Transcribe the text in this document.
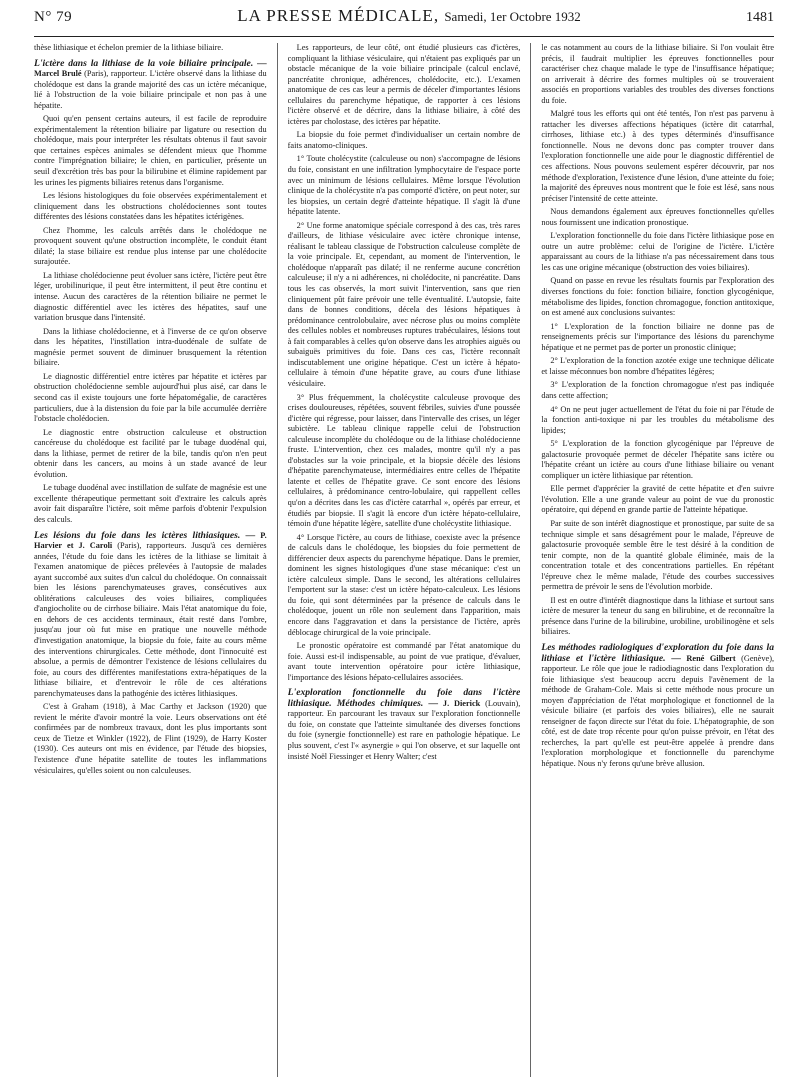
N° 79	LA PRESSE MÉDICALE, Samedi, 1er Octobre 1932	1481

thèse lithiasique et échelon premier de la lithiase biliaire.

L'ictère dans la lithiase de la voie biliaire principale. — Marcel Brulé (Paris), rapporteur. L'ictère observé dans la lithiase du cholédoque est dans la grande majorité des cas un ictère mécanique, lié à l'obstruction de la voie biliaire principale et non pas à une hépatite.

Quoi qu'en pensent certains auteurs, il est facile de reproduire expérimentalement la rétention biliaire par ligature ou resection du cholédoque, mais pour interpréter les résultats obtenus il faut savoir que certaines espèces animales se défendent mieux que l'homme contre l'imprégnation biliaire; le chien, en particulier, présente un seuil d'excrétion très bas pour la bilirubine et élimine rapidement par les urines les pigments biliaires retenus dans l'organisme.

Les lésions histologiques du foie observées expérimentalement et cliniquement dans les obstructions cholédociennes sont toutes différentes des lésions constatées dans les hépatites ictérigènes.

Chez l'homme, les calculs arrêtés dans le cholédoque ne provoquent souvent qu'une obstruction incomplète, le conduit étant dilaté; la stase biliaire est rendue plus intense par une cholédocite surajoutée.

La lithiase cholédocienne peut évoluer sans ictère, l'ictère peut être léger, urobilinurique, il peut être intermittent, il peut être continu et intense. Aucun des caractères de la rétention biliaire ne permet le diagnostic différentiel avec les ictères des hépatites, sauf une variation brusque dans l'intensité.

Dans la lithiase cholédocienne, et à l'inverse de ce qu'on observe dans les hépatites, l'instillation intra-duodénale de sulfate de magnésie permet souvent de diminuer brusquement la rétention biliaire.

Le diagnostic différentiel entre ictères par hépatite et ictères par obstruction cholédocienne semble aujourd'hui plus aisé, car dans le second cas il existe toujours une forte hépatomégalie, de caractères particuliers, due à la distension du foie par la bile accumulée derrière l'obstacle cholédocien.

Le diagnostic entre obstruction calculeuse et obstruction cancéreuse du cholédoque est facilité par le tubage duodénal qui, dans la lithiase, permet de retirer de la bile, tandis qu'on n'en peut obtenir dans les cancers, au moins à un stade avancé de leur évolution.

Le tubage duodénal avec instillation de sulfate de magnésie est une excellente thérapeutique permettant soit d'extraire les calculs après avoir fait disparaître l'ictère, soit même parfois d'obtenir l'expulsion des calculs.

Les lésions du foie dans les ictères lithiasiques. — P. Harvier et J. Caroli (Paris), rapporteurs. Jusqu'à ces dernières années, l'étude du foie dans les ictères de la lithiase se limitait à l'examen anatomique de pièces prélevées à l'autopsie de malades ayant succombé aux suites d'un calcul du cholédoque. On connaissait bien les lésions parenchymateuses graves, consécutives aux oblitérations calculeuses des voies biliaires, compliquées d'angiocholite ou de cirrhose biliaire. Mais l'état anatomique du foie, en dehors de ces accidents terminaux, était resté dans l'ombre, jusqu'au jour où fut mise en pratique une nouvelle méthode d'investigation anatomique, la biopsie du foie, faite au cours même des interventions chirurgicales. Cette méthode, dont l'innocuité est absolue, a permis de démontrer l'existence de lésions cellulaires du foie, au cours des différentes manifestations extra-hépatiques de la lithiase biliaire, et d'entrevoir le rôle de ces altérations parenchymateuses dans la pathogénie des ictères lithiasiques.

C'est à Graham (1918), à Mac Carthy et Jackson (1920) que revient le mérite d'avoir montré la voie. Leurs observations ont été confirmées par de nombreux travaux, dont les plus importants sont ceux de Tietze et Winkler (1922), de Flint (1929), de Harry Koster (1930). Ces auteurs ont mis en évidence, par l'étude des biopsies, l'existence d'une hépatite satellite de toutes les inflammations vésiculaires, qu'elles soient ou non calculeuses.

Les rapporteurs, de leur côté, ont étudié plusieurs cas d'ictères, compliquant la lithiase vésiculaire, qui n'étaient pas expliqués par un obstacle mécanique de la voie biliaire principale (calcul enclavé, pancréatite chronique, adhérences, cholédocite, etc.). L'examen anatomique de ces cas leur a permis de déceler d'importantes lésions cellulaires du parenchyme hépatique, de rapporter à ces lésions l'ictère observé et de décrire, dans la lithiase biliaire, à côté des ictères par cholostase, des ictères par hépatite.

La biopsie du foie permet d'individualiser un certain nombre de faits anatomo-cliniques.

1° Toute cholécystite (calculeuse ou non) s'accompagne de lésions du foie, consistant en une infiltration lymphocytaire de l'espace porte avec un minimum de lésions cellulaires. Même lorsque l'évolution clinique de la cholécystite n'a pas comporté d'ictère, on peut noter, sur les biopsies, un certain degré d'atteinte hépatique. Il s'agit là d'une hépatite latente.

2° Une forme anatomique spéciale correspond à des cas, très rares d'ailleurs, de lithiase vésiculaire avec ictère chronique intense, réalisant le tableau classique de l'obstruction calculeuse complète de la voie principale. Et, cependant, au moment de l'intervention, le cholédoque n'apparaît pas dilaté; il ne renferme aucune concrétion calculeuse; il n'y a ni adhérences, ni cholédocite, ni pancréatite. Dans tous les cas observés, la mort suivit l'intervention, sans que rien cliniquement pût faire prévoir une telle éventualité. L'autopsie, faite dans de bonnes conditions, décela des lésions hépatiques à prédominance centrolobulaire, avec nécrose plus ou moins complète des cellules nobles et nombreuses ruptures trabéculaires, lésions tout à fait comparables à celles qu'on observe dans les atrophies aiguës ou subaiguës primitives du foie. Dans ces cas, l'ictère reconnaît indiscutablement une origine hépatique. C'est un ictère à hépato-cellulaire à témoin d'une hépatite grave, au cours d'une lithiase vésiculaire.

3° Plus fréquemment, la cholécystite calculeuse provoque des crises douloureuses, répétées, souvent fébriles, suivies d'une poussée d'ictère qui régresse, pour laisser, dans l'intervalle des crises, un léger subictère. Le tableau clinique rappelle celui de l'obstruction calculeuse incomplète du cholédoque ou de la lithiase cholédocienne fruste. L'intervention, chez ces malades, montre qu'il n'y a pas d'obstacles sur la voie principale, et la biopsie décèle des lésions d'hépatite parenchymateuse, intermédiaires entre celles de l'hépatite latente et celles de l'hépatite grave. Ce sont encore des lésions cellulaires, à prédominance centro-lobulaire, qui rappellent celles qu'on a décrites dans les cas d'ictère catarrhal », opérés par erreur, et étudiés par biopsie. Il s'agit là encore d'un ictère hépato-cellulaire, témoin d'une hépatite légère, satellite d'une cholécystite lithiasique.

4° Lorsque l'ictère, au cours de lithiase, coexiste avec la présence de calculs dans le cholédoque, les biopsies du foie permettent de différencier deux aspects du parenchyme hépatique. Dans le premier, dominent les signes histologiques d'une stase mécanique: c'est un ictère calculeux simple. Dans le second, les altérations cellulaires l'emportent sur la stase: c'est un ictère hépato-calculeux. Les lésions du foie, qui sont déterminées par la présence de calculs dans le cholédoque, jouent un rôle non seulement dans l'apparition, mais encore dans l'aggravation et dans la persistance de l'ictère, après déblocage chirurgical de la voie principale.

Le pronostic opératoire est commandé par l'état anatomique du foie. Aussi est-il indispensable, au point de vue pratique, d'évaluer, avant toute intervention opératoire pour ictère lithiasique, l'importance des lésions hépato-cellulaires associées.

L'exploration fonctionnelle du foie dans l'ictère lithiasique. Méthodes chimiques. — J. Dierick (Louvain), rapporteur. En parcourant les travaux sur l'exploration fonctionnelle du foie, on constate que l'atteinte simultanée des diverses fonctions du foie (synergie fonctionnelle) est rare en pathologie hépatique. Le plus souvent, c'est l'« asynergie » qui l'on observe, et sur laquelle ont insisté Noël Fiessinger et Henry Walter; c'est

le cas notamment au cours de la lithiase biliaire. Si l'on voulait être précis, il faudrait multiplier les épreuves fonctionnelles pour caractériser chez chaque malade le type de l'insuffisance hépatique; on arriverait à décrire des formes multiples où se trouveraient associés en proportions variables des troubles des diverses fonctions du foie.

Malgré tous les efforts qui ont été tentés, l'on n'est pas parvenu à rattacher les diverses affections hépatiques (ictère dit catarrhal, cirrhoses, lithiase etc.) à des types déterminés d'insuffisance fonctionnelle. Nous ne devons donc pas compter trouver dans l'exploration fonctionnelle une aide pour le diagnostic différentiel de ces affections. Nous pouvons seulement espérer découvrir, par nos méthode d'exploration, l'existence d'une lésion, d'une atteinte du foie; la majorité des épreuves nous montrent que le foie est lésé, sans nous préciser l'intensité de cette atteinte.

Nous demandons également aux épreuves fonctionnelles qu'elles nous fournissent une indication pronostique.

L'exploration fonctionnelle du foie dans l'ictère lithiasique pose en outre un autre problème: celui de l'origine de l'ictère. L'ictère apparaissant au cours de la lithiase n'a pas nécessairement dans tous les cas une origine mécanique (obstruction des voies biliaires).

Quand on passe en revue les résultats fournis par l'exploration des diverses fonctions du foie: fonction biliaire, fonction glycogénique, métabolisme des lipides, fonction chromagogue, fonction antitoxique, on est amené aux conclusions suivantes:

1° L'exploration de la fonction biliaire ne donne pas de renseignements précis sur l'importance des lésions du parenchyme hépatique et ne permet pas de porter un pronostic clinique;

2° L'exploration de la fonction azotée exige une technique délicate et laisse méconnues bon nombre d'hépatites légères;

3° L'exploration de la fonction chromagogue n'est pas indiquée dans cette affection;

4° On ne peut juger actuellement de l'état du foie ni par l'étude de la fonction anti-toxique ni par les troubles du métabolisme des lipides;

5° L'exploration de la fonction glycogénique par l'épreuve de galactosurie provoquée permet de déceler l'hépatite sans ictère ou l'hépatite créant un ictère au cours d'une lithiase biliaire ou venant compliquer un ictère lithiasique par rétention.

Elle permet d'apprécier la gravité de cette hépatite et d'en suivre l'évolution. Elle a une grande valeur au point de vue du pronostic opératoire, qui dépend en grande partie de l'atteinte hépatique.

Par suite de son intérêt diagnostique et pronostique, par suite de sa technique simple et sans désagrément pour le malade, l'épreuve de galactosurie provoquée semble être le test désiré à la condition de tenir compte, non de la quantité globale éliminée, mais de la concentration totale et des concentrations partielles. En répétant l'épreuve chez le même malade, l'étude des courbes successives permettra de prévoir le sens de l'évolution morbide.

Il est en outre d'intérêt diagnostique dans la lithiase et surtout sans ictère de mesurer la teneur du sang en bilirubine, et de reconnaître la présence dans l'urine de la bilirubine, urobiline, urobilinogène et sels biliaires.

Les méthodes radiologiques d'exploration du foie dans la lithiase et l'ictère lithiasique. — René Gilbert (Genève), rapporteur. Le rôle que joue le radiodiagnostic dans l'exploration du foie lithiasique s'est beaucoup accru depuis l'avènement de la méthode de Graham-Cole. Mais si cette méthode nous procure un moyen d'appréciation de l'état morphologique et fonctionnel de la vésicule biliaire (et parfois des voies biliaires), elle ne saurait renseigner de façon directe sur l'état du foie. L'hépatographie, de son côté, est de date trop récente pour qu'on puisse prévoir, en l'état des recherches, la part qu'elle est peut-être appelée à prendre dans l'exploration morphologique et fonctionnelle du parenchyme hépatique. Nous n'y ferons qu'une brève allusion.
